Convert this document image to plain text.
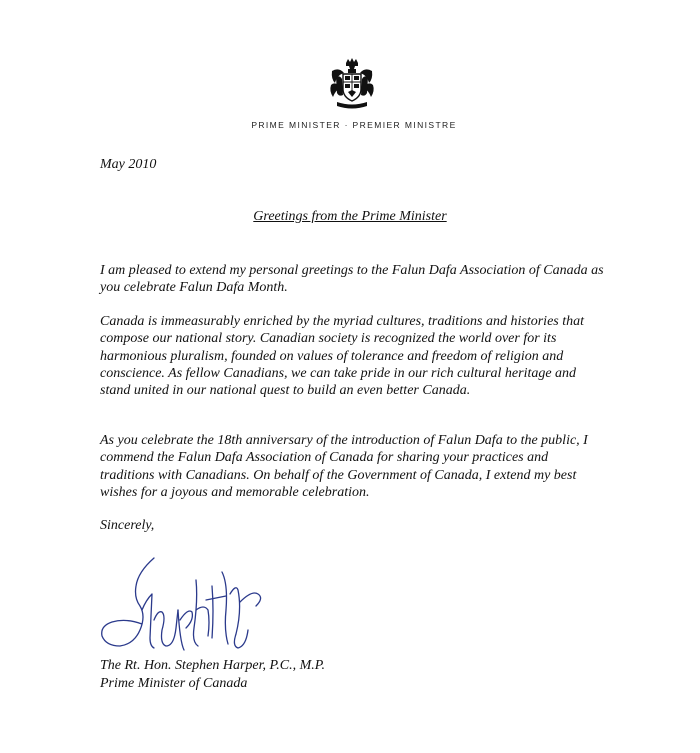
PRIME MINISTER · PREMIER MINISTRE
May 2010
Greetings from the Prime Minister

I am pleased to extend my personal greetings to the Falun Dafa Association of Canada as you celebrate Falun Dafa Month.

Canada is immeasurably enriched by the myriad cultures, traditions and histories that compose our national story. Canadian society is recognized the world over for its harmonious pluralism, founded on values of tolerance and freedom of religion and conscience. As fellow Canadians, we can take pride in our rich cultural heritage and stand united in our national quest to build an even better Canada.

As you celebrate the 18th anniversary of the introduction of Falun Dafa to the public, I commend the Falun Dafa Association of Canada for sharing your practices and traditions with Canadians. On behalf of the Government of Canada, I extend my best wishes for a joyous and memorable celebration.

Sincerely,
The Rt. Hon. Stephen Harper, P.C., M.P.
Prime Minister of Canada
